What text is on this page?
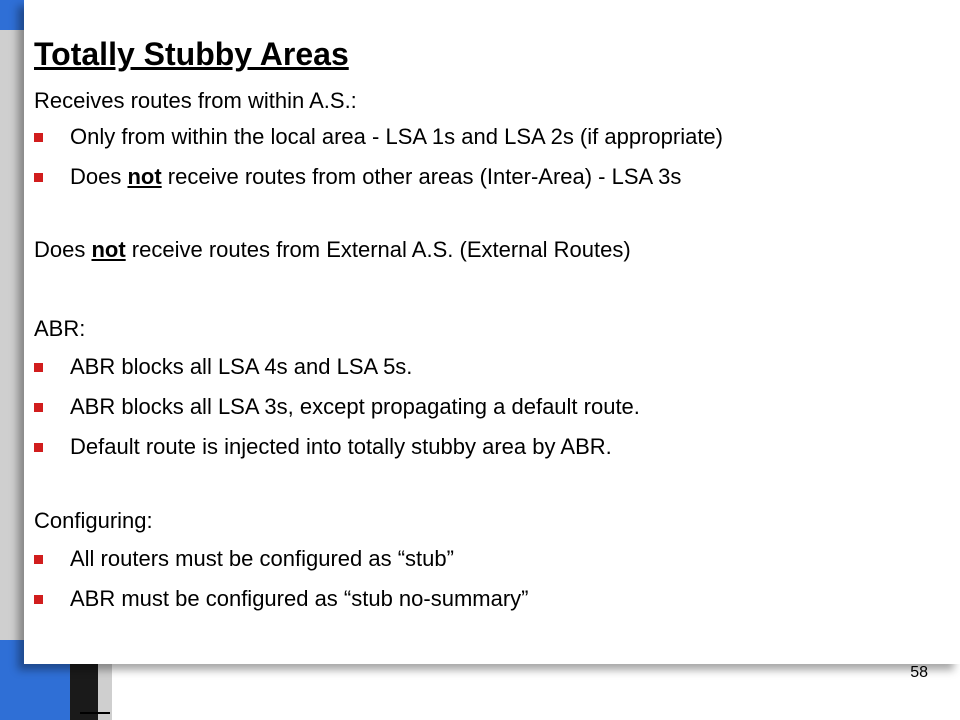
Totally Stubby Areas
Receives routes from within A.S.:
Only from within the local area - LSA 1s and LSA 2s (if appropriate)
Does not receive routes from other areas (Inter-Area) - LSA 3s
Does not receive routes from External A.S. (External Routes)
ABR:
ABR blocks all LSA 4s and LSA 5s.
ABR blocks all LSA 3s, except propagating a default route.
Default route is injected into totally stubby area by ABR.
Configuring:
All routers must be configured as “stub”
ABR must be configured as “stub no-summary”
58
